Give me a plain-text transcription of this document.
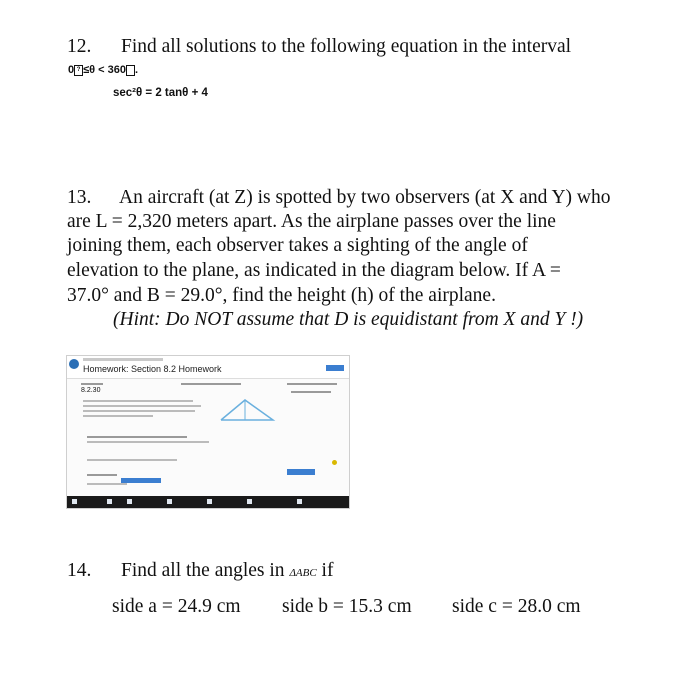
12. Find all solutions to the following equation in the interval
0 ? ≤θ < 360 .
sec²θ = 2 tanθ + 4
13. An aircraft (at Z) is spotted by two observers (at X and Y) who
are L = 2,320 meters apart. As the airplane passes over the line
joining them, each observer takes a sighting of the angle of
elevation to the plane, as indicated in the diagram below. If A =
37.0° and B = 29.0°, find the height (h) of the airplane.
(Hint: Do NOT assume that D is equidistant from X and Y !)
Homework: Section 8.2 Homework
8.2.30
14. Find all the angles in ΔABC if
side a = 24.9 cm side b = 15.3 cm side c = 28.0 cm
